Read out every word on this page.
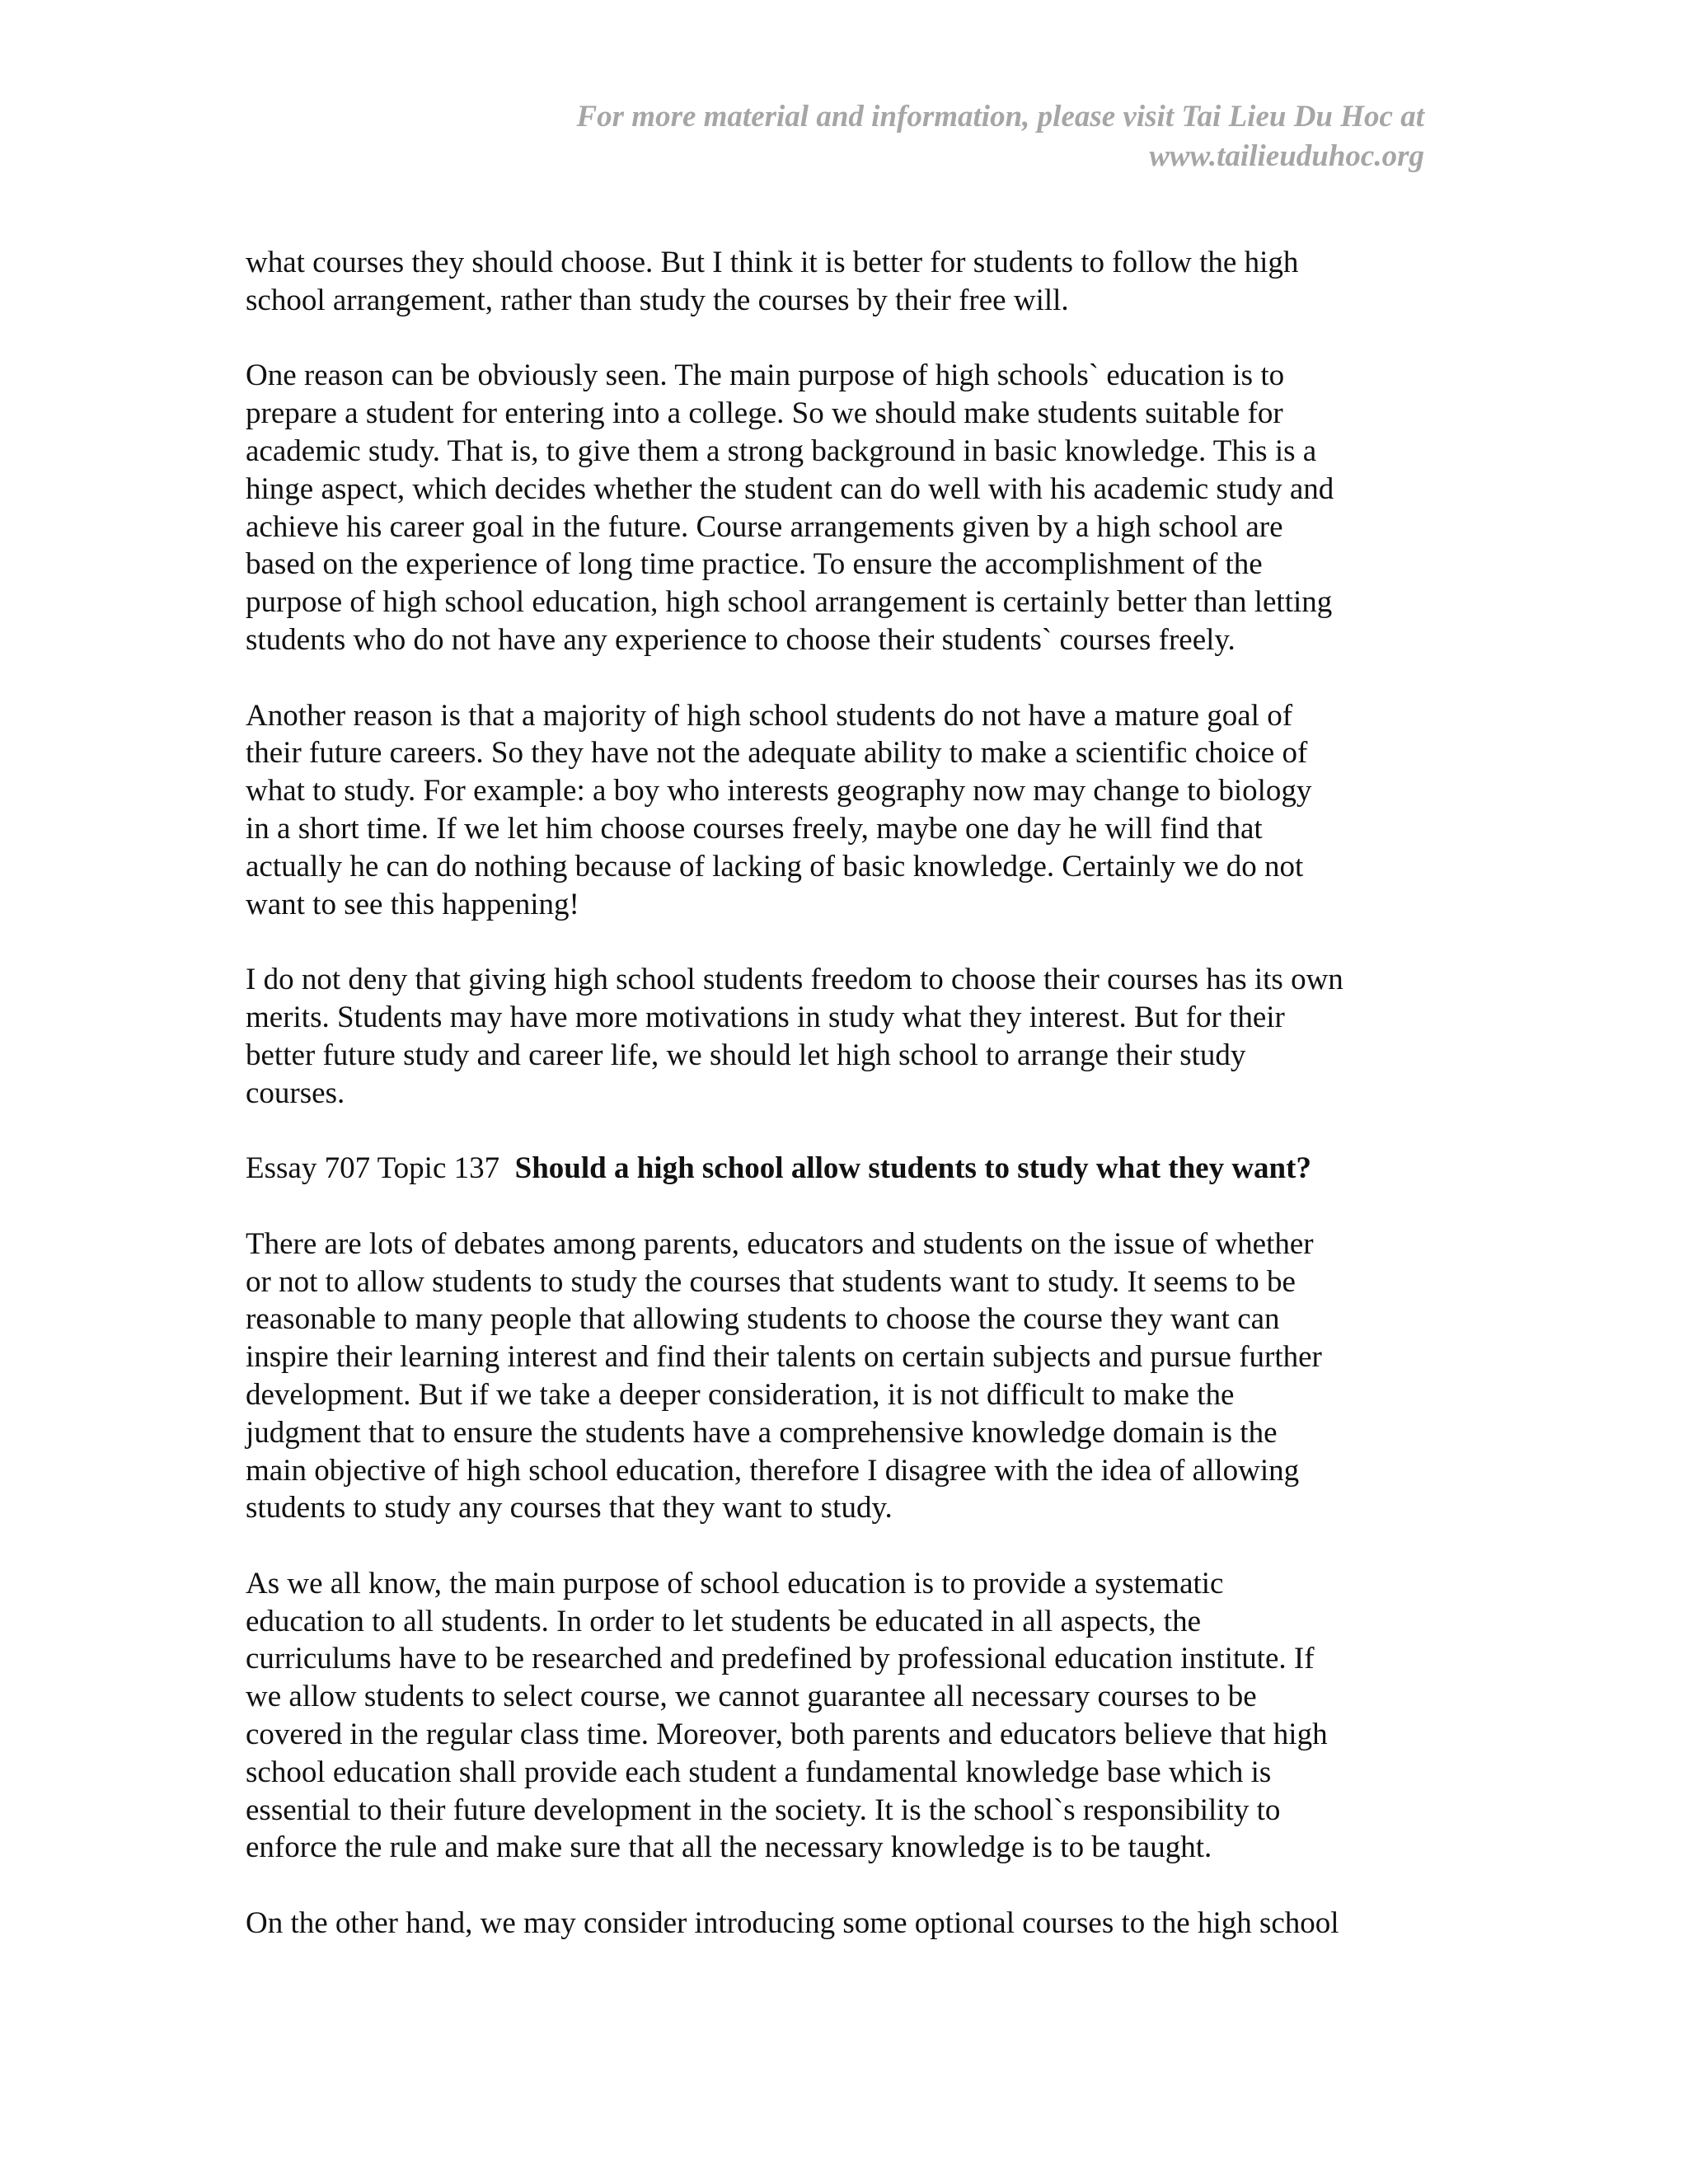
For more material and information, please visit Tai Lieu Du Hoc at
www.tailieuduhoc.org

what courses they should choose. But I think it is better for students to follow the high
school arrangement, rather than study the courses by their free will.

One reason can be obviously seen. The main purpose of high schools` education is to
prepare a student for entering into a college. So we should make students suitable for
academic study. That is, to give them a strong background in basic knowledge. This is a
hinge aspect, which decides whether the student can do well with his academic study and
achieve his career goal in the future. Course arrangements given by a high school are
based on the experience of long time practice. To ensure the accomplishment of the
purpose of high school education, high school arrangement is certainly better than letting
students who do not have any experience to choose their students` courses freely.

Another reason is that a majority of high school students do not have a mature goal of
their future careers. So they have not the adequate ability to make a scientific choice of
what to study. For example: a boy who interests geography now may change to biology
in a short time. If we let him choose courses freely, maybe one day he will find that
actually he can do nothing because of lacking of basic knowledge. Certainly we do not
want to see this happening!

I do not deny that giving high school students freedom to choose their courses has its own
merits. Students may have more motivations in study what they interest. But for their
better future study and career life, we should let high school to arrange their study
courses.

Essay 707 Topic 137 Should a high school allow students to study what they want?

There are lots of debates among parents, educators and students on the issue of whether
or not to allow students to study the courses that students want to study. It seems to be
reasonable to many people that allowing students to choose the course they want can
inspire their learning interest and find their talents on certain subjects and pursue further
development. But if we take a deeper consideration, it is not difficult to make the
judgment that to ensure the students have a comprehensive knowledge domain is the
main objective of high school education, therefore I disagree with the idea of allowing
students to study any courses that they want to study.

As we all know, the main purpose of school education is to provide a systematic
education to all students. In order to let students be educated in all aspects, the
curriculums have to be researched and predefined by professional education institute. If
we allow students to select course, we cannot guarantee all necessary courses to be
covered in the regular class time. Moreover, both parents and educators believe that high
school education shall provide each student a fundamental knowledge base which is
essential to their future development in the society. It is the school`s responsibility to
enforce the rule and make sure that all the necessary knowledge is to be taught.

On the other hand, we may consider introducing some optional courses to the high school
